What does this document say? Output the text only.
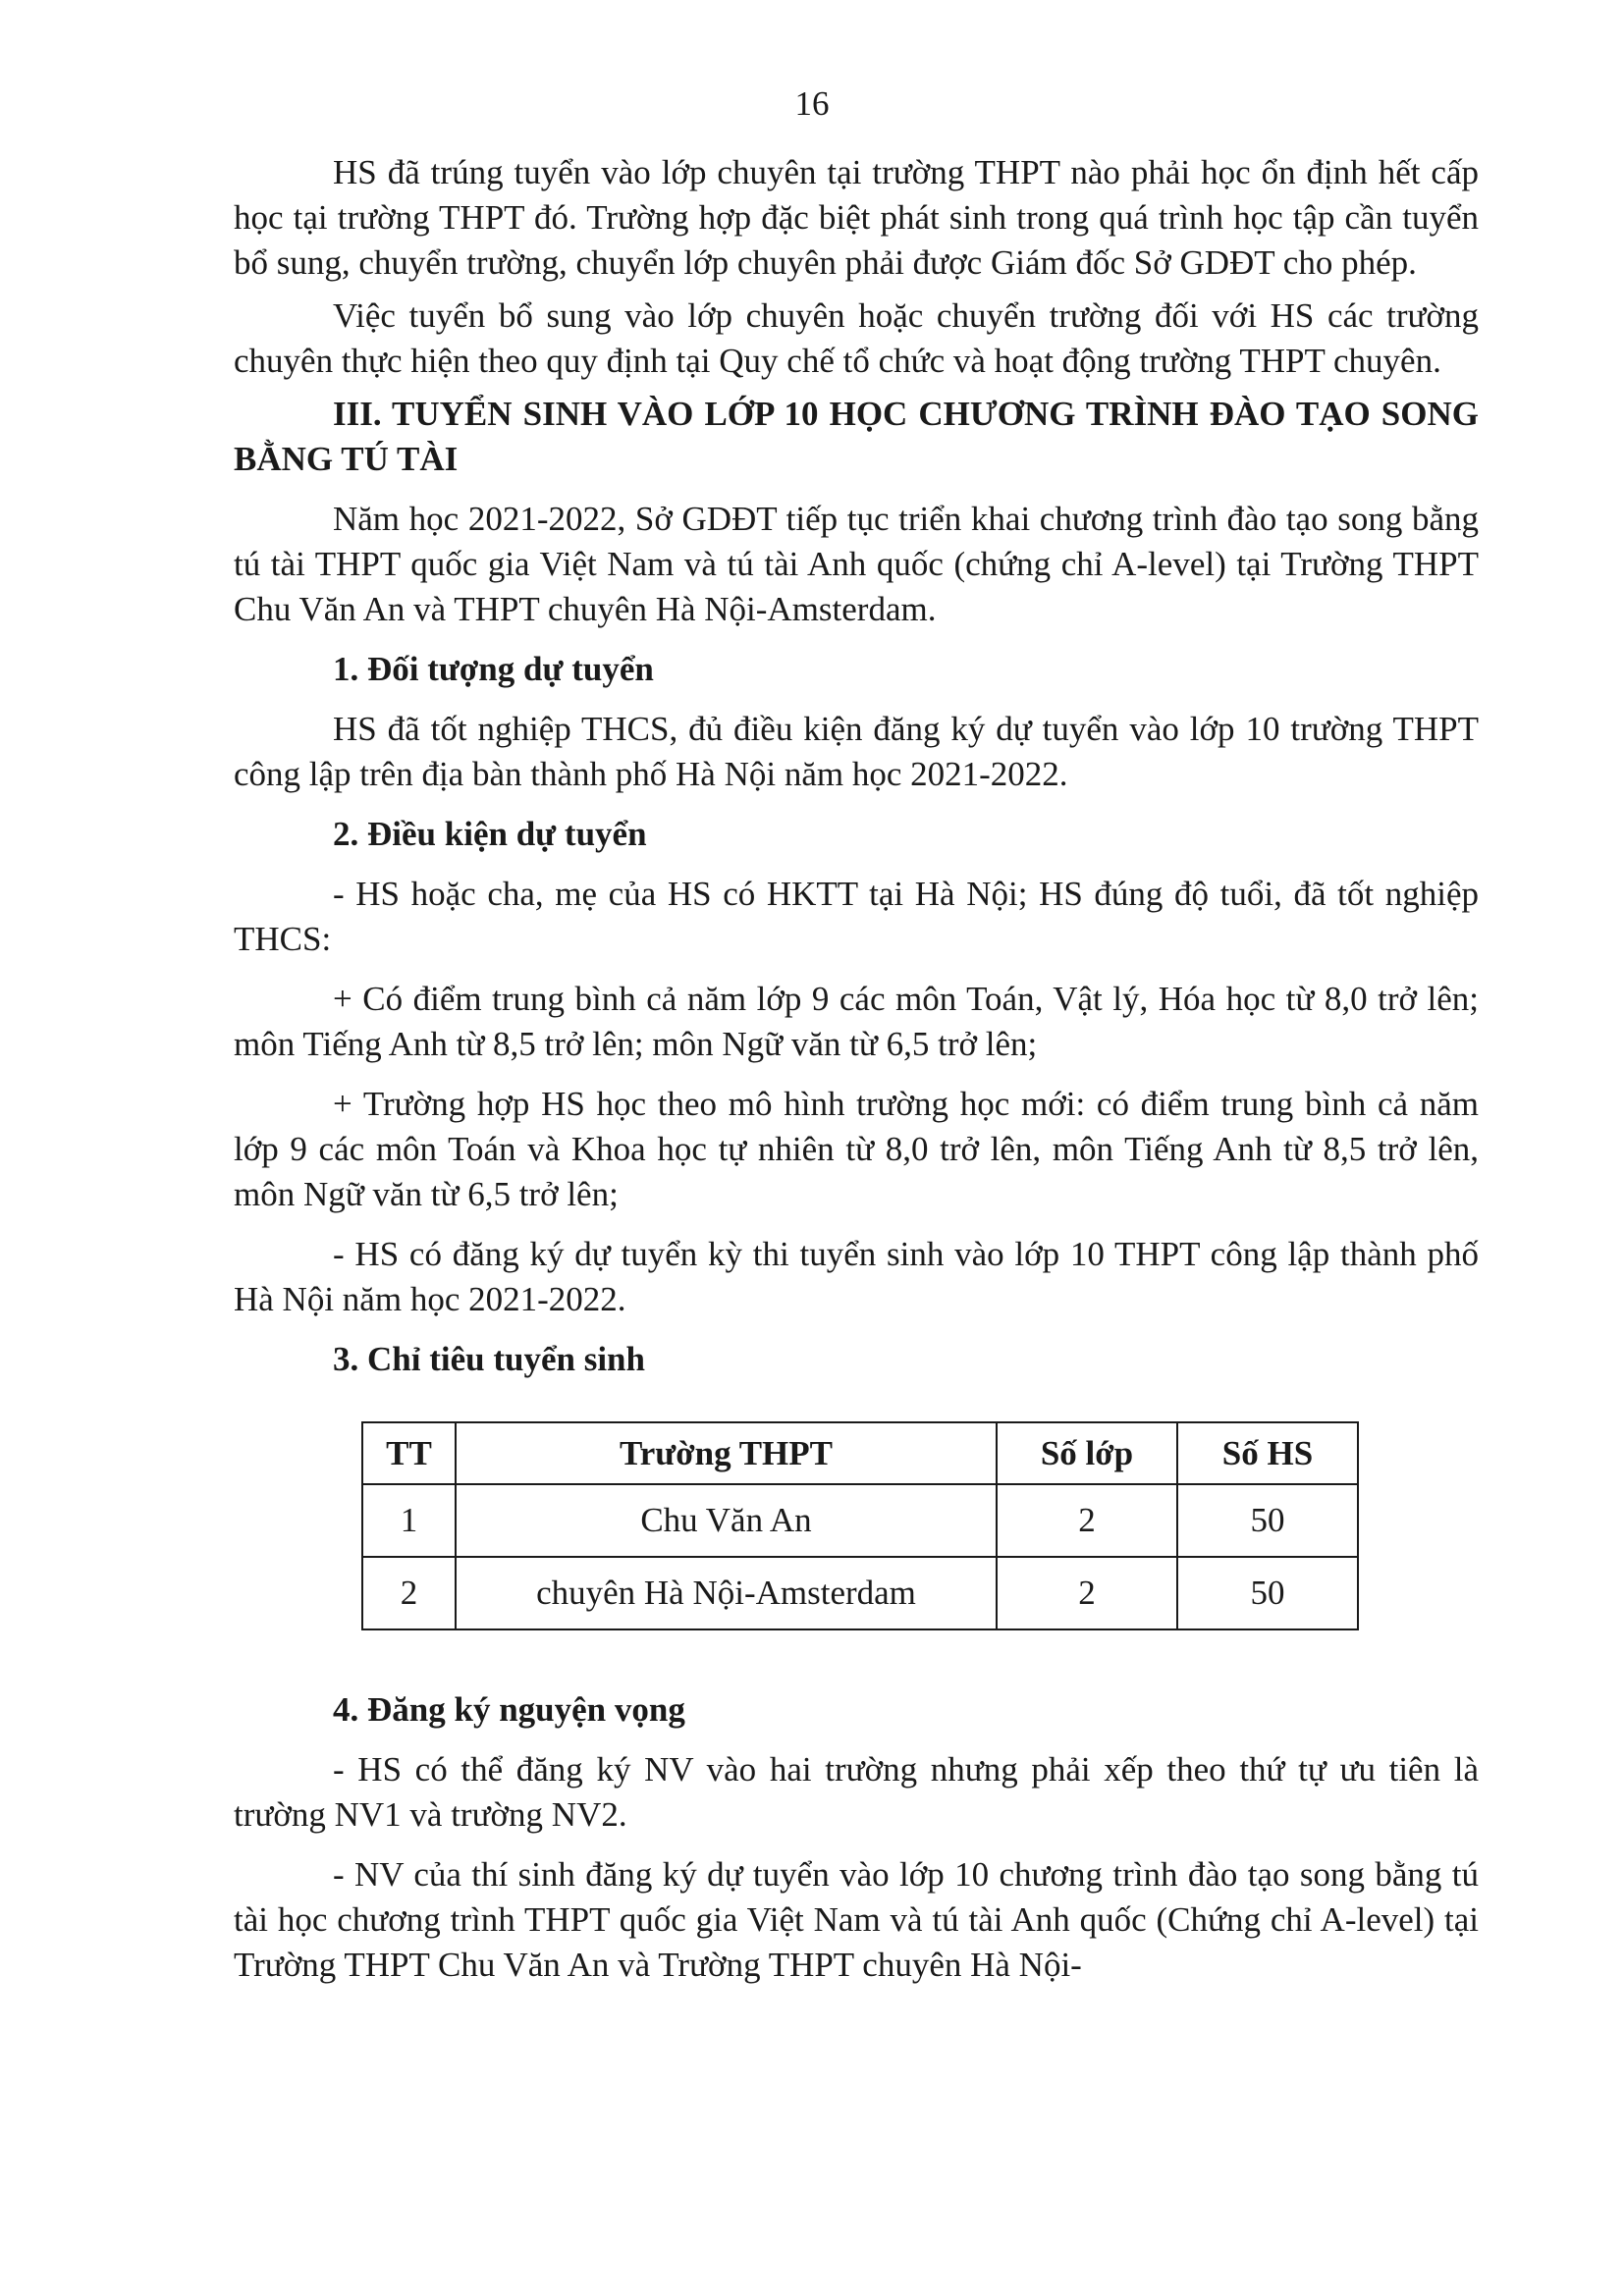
16

HS đã trúng tuyển vào lớp chuyên tại trường THPT nào phải học ổn định hết cấp học tại trường THPT đó. Trường hợp đặc biệt phát sinh trong quá trình học tập cần tuyển bổ sung, chuyển trường, chuyển lớp chuyên phải được Giám đốc Sở GDĐT cho phép.

Việc tuyển bổ sung vào lớp chuyên hoặc chuyển trường đối với HS các trường chuyên thực hiện theo quy định tại Quy chế tổ chức và hoạt động trường THPT chuyên.

III. TUYỂN SINH VÀO LỚP 10 HỌC CHƯƠNG TRÌNH ĐÀO TẠO SONG BẰNG TÚ TÀI

Năm học 2021-2022, Sở GDĐT tiếp tục triển khai chương trình đào tạo song bằng tú tài THPT quốc gia Việt Nam và tú tài Anh quốc (chứng chỉ A-level) tại Trường THPT Chu Văn An và THPT chuyên Hà Nội-Amsterdam.

1. Đối tượng dự tuyển

HS đã tốt nghiệp THCS, đủ điều kiện đăng ký dự tuyển vào lớp 10 trường THPT công lập trên địa bàn thành phố Hà Nội năm học 2021-2022.

2. Điều kiện dự tuyển

- HS hoặc cha, mẹ của HS có HKTT tại Hà Nội; HS đúng độ tuổi, đã tốt nghiệp THCS:

+ Có điểm trung bình cả năm lớp 9 các môn Toán, Vật lý, Hóa học từ 8,0 trở lên; môn Tiếng Anh từ 8,5 trở lên; môn Ngữ văn từ 6,5 trở lên;

+ Trường hợp HS học theo mô hình trường học mới: có điểm trung bình cả năm lớp 9 các môn Toán và Khoa học tự nhiên từ 8,0 trở lên, môn Tiếng Anh từ 8,5 trở lên, môn Ngữ văn từ 6,5 trở lên;

- HS có đăng ký dự tuyển kỳ thi tuyển sinh vào lớp 10 THPT công lập thành phố Hà Nội năm học 2021-2022.

3. Chỉ tiêu tuyển sinh

TT	Trường THPT	Số lớp	Số HS
1	Chu Văn An	2	50
2	chuyên Hà Nội-Amsterdam	2	50

4. Đăng ký nguyện vọng

- HS có thể đăng ký NV vào hai trường nhưng phải xếp theo thứ tự ưu tiên là trường NV1 và trường NV2.

- NV của thí sinh đăng ký dự tuyển vào lớp 10 chương trình đào tạo song bằng tú tài học chương trình THPT quốc gia Việt Nam và tú tài Anh quốc (Chứng chỉ A-level) tại Trường THPT Chu Văn An và Trường THPT chuyên Hà Nội-
